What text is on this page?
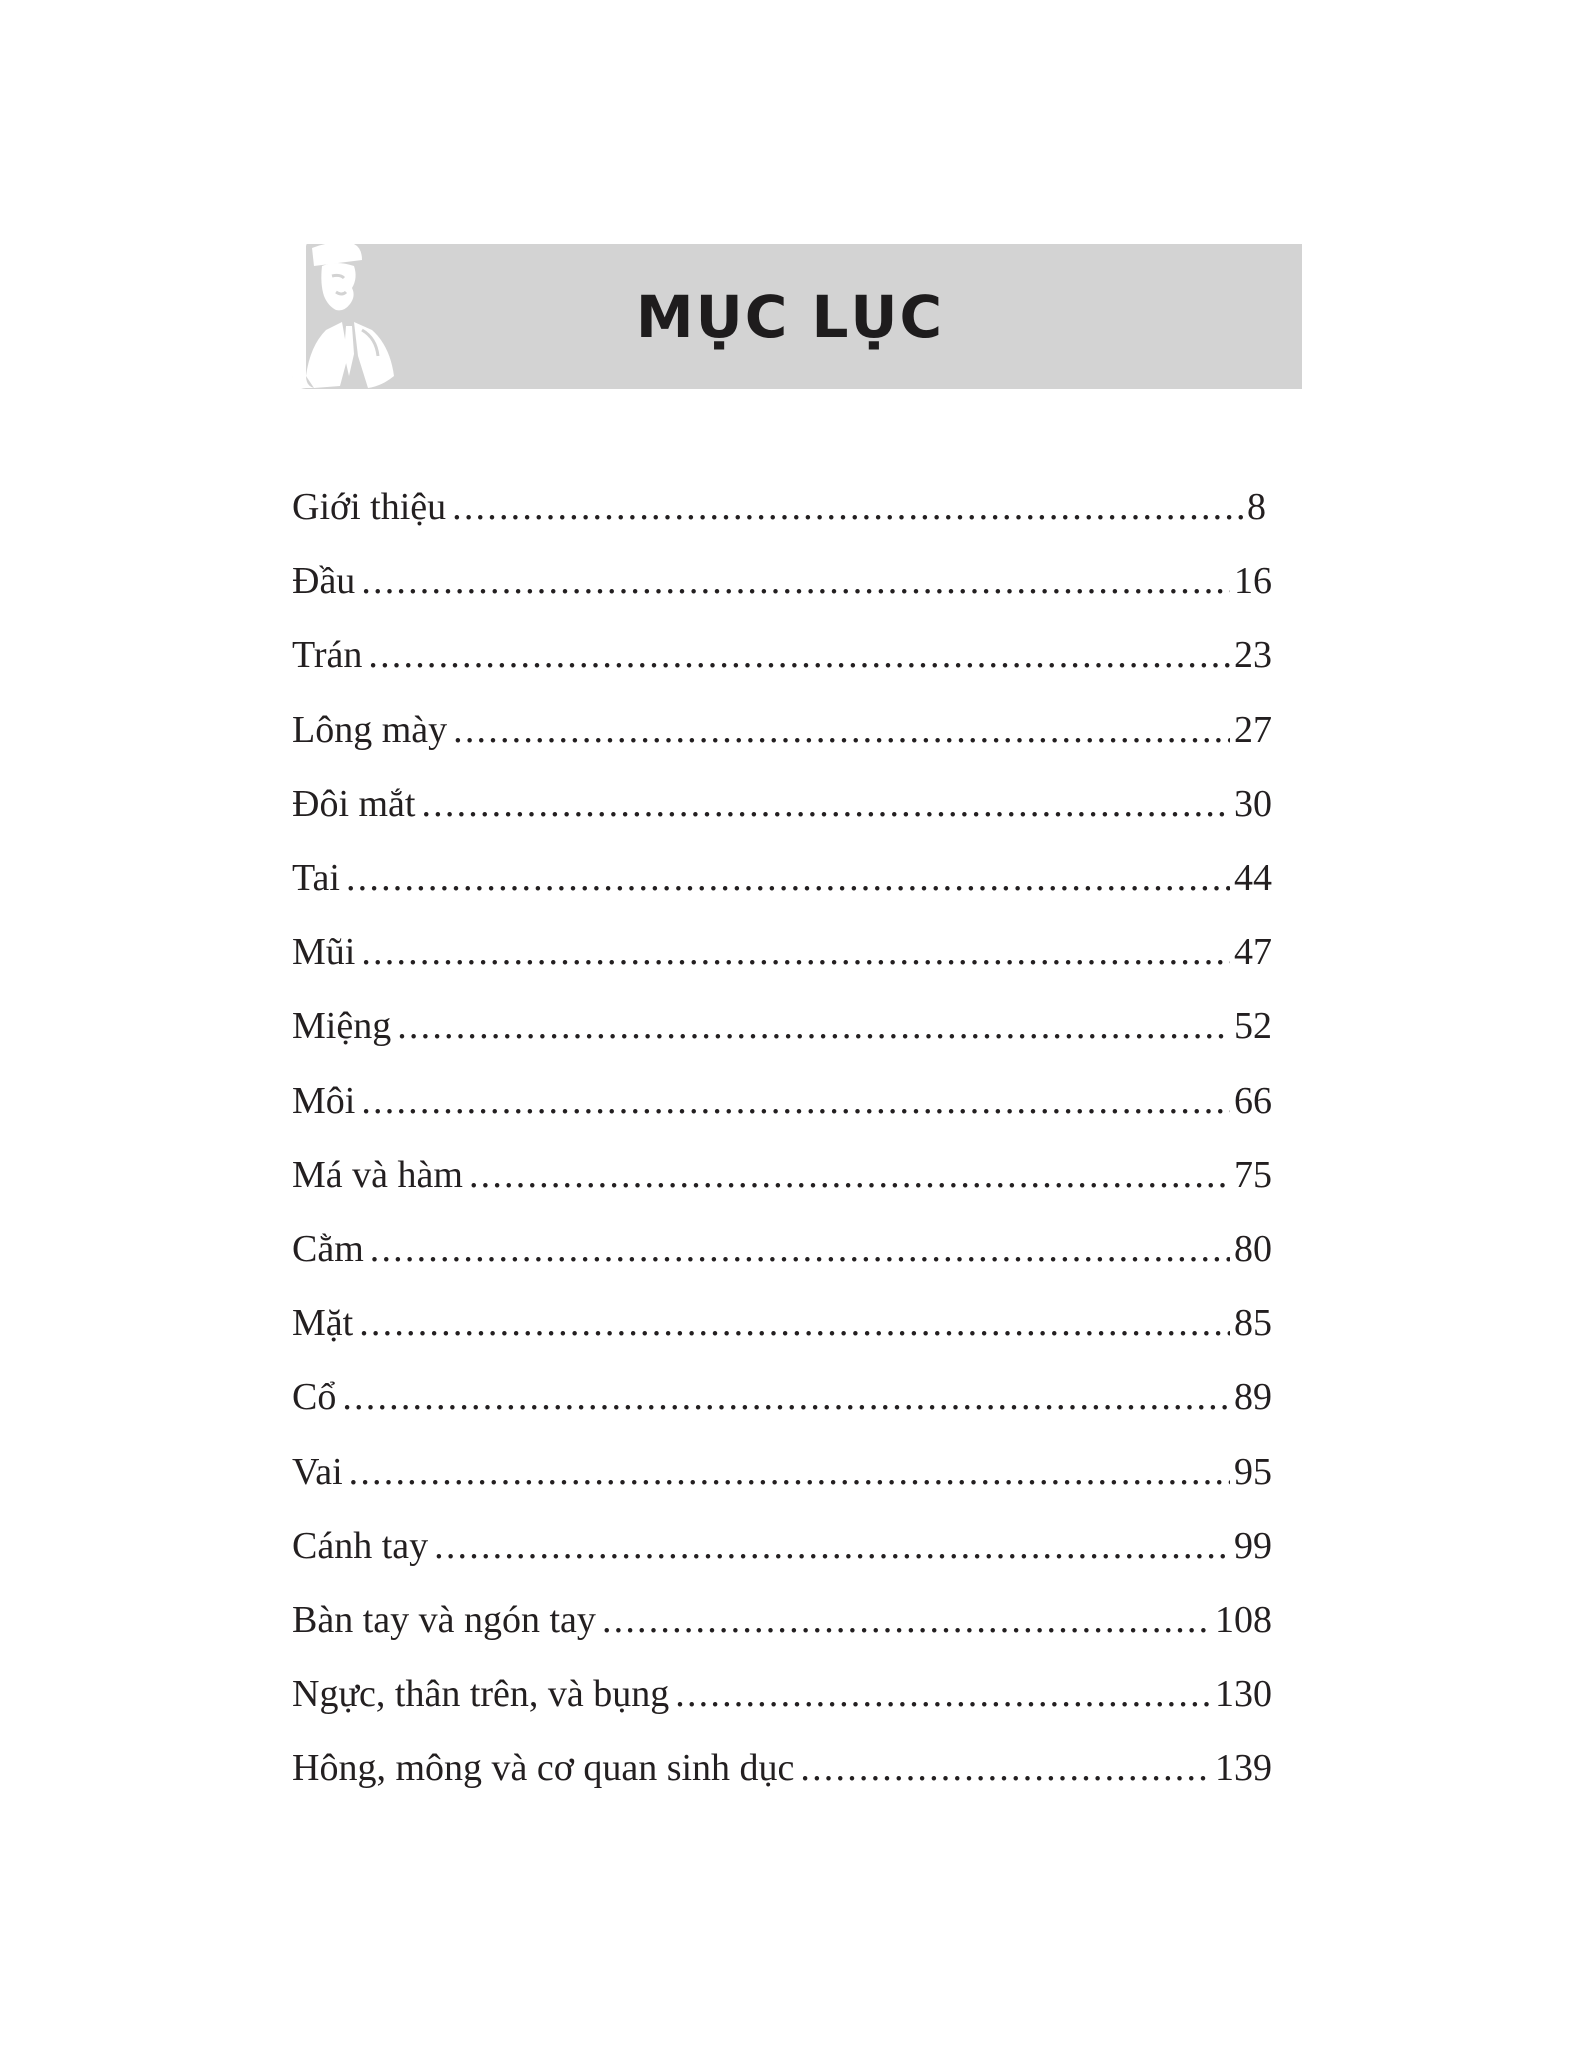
MỤC LỤC
Giới thiệu .....	8
Đầu .....	16
Trán .....	23
Lông mày .....	27
Đôi mắt .....	30
Tai .....	44
Mũi .....	47
Miệng .....	52
Môi .....	66
Má và hàm .....	75
Cằm .....	80
Mặt .....	85
Cổ .....	89
Vai .....	95
Cánh tay .....	99
Bàn tay và ngón tay .....	108
Ngực, thân trên, và bụng .....	130
Hông, mông và cơ quan sinh dục .....	139
